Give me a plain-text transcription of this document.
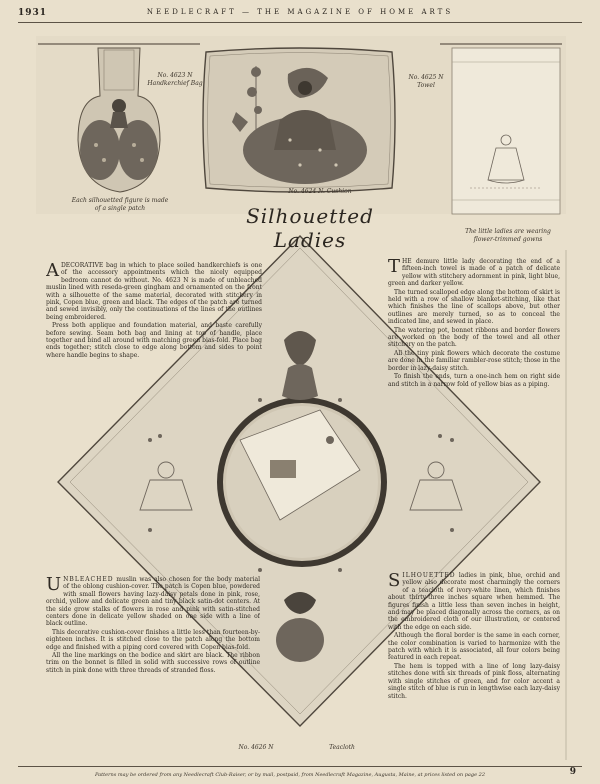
1931	NEEDLECRAFT — THE MAGAZINE OF HOME ARTS
No. 4623 N
Handkerchief Bag
Each silhouetted figure is made of a single patch
No. 4624 N. Cushion
No. 4625 N
Towel
The little ladies are wearing flower-trimmed gowns
Silhouetted Ladies

ADECORATIVE bag in which to place soiled handkerchiefs is one of the accessory appointments which the nicely equipped bedroom cannot do without. No. 4623 N is made of unbleached muslin lined with reseda-green gingham and ornamented on the front with a silhouette of the same material, decorated with stitchery in pink, Copen blue, green and black. The edges of the patch are turned and sewed invisibly, only the continuations of the lines of the outlines being embroidered.

Press both applique and foundation material, and baste carefully before sewing. Seam both bag and lining at top of handle, place together and bind all around with matching green bias-fold. Place bag ends together; stitch close to edge along bottom and sides to point where handle begins to shape.

THE demure little lady decorating the end of a fifteen-inch towel is made of a patch of delicate yellow with stitchery adornment in pink, light blue, green and darker yellow.

The turned scalloped edge along the bottom of skirt is held with a row of shallow blanket-stitching, like that which finishes the line of scallops above, but other outlines are merely turned, so as to conceal the indicated line, and sewed in place.

The watering pot, bonnet ribbons and border flowers are worked on the body of the towel and all other stitchery on the patch.

All the tiny pink flowers which decorate the costume are done in the familiar rambler-rose stitch; those in the border in lazy-daisy stitch.

To finish the ends, turn a one-inch hem on right side and stitch in a narrow fold of yellow bias as a piping.

UNBLEACHED muslin was also chosen for the body material of the oblong cushion-cover. The patch is Copen blue, powdered with small flowers having lazy-daisy petals done in pink, rose, orchid, yellow and delicate green and tiny black satin-dot centers. At the side grow stalks of flowers in rose and pink with satin-stitched centers done in delicate yellow shaded on one side with a line of black outline.

This decorative cushion-cover finishes a little less than fourteen-by-eighteen inches. It is stitched close to the patch along the bottom edge and finished with a piping cord covered with Copen bias-fold.

All the line markings on the bodice and skirt are black. The ribbon trim on the bonnet is filled in solid with successive rows of outline stitch in pink done with three threads of stranded floss.

SILHOUETTED ladies in pink, blue, orchid and yellow also decorate most charmingly the corners of a teacloth of ivory-white linen, which finishes about thirty-three inches square when hemmed. The figures finish a little less than seven inches in height, and may be placed diagonally across the corners, as on the embroidered cloth of our illustration, or centered with the edge on each side.

Although the floral border is the same in each corner, the color combination is varied to harmonize with the patch with which it is associated, all four colors being featured in each repeat.

The hem is topped with a line of long lazy-daisy stitches done with six threads of pink floss, alternating with single stitches of green, and for color accent a single stitch of blue is run in lengthwise each lazy-daisy stitch.

No. 4626 N	Teacloth
Patterns may be ordered from any Needlecraft Club-Raiser, or by mail, postpaid, from Needlecraft Magazine, Augusta, Maine, at prices listed on page 22	9
